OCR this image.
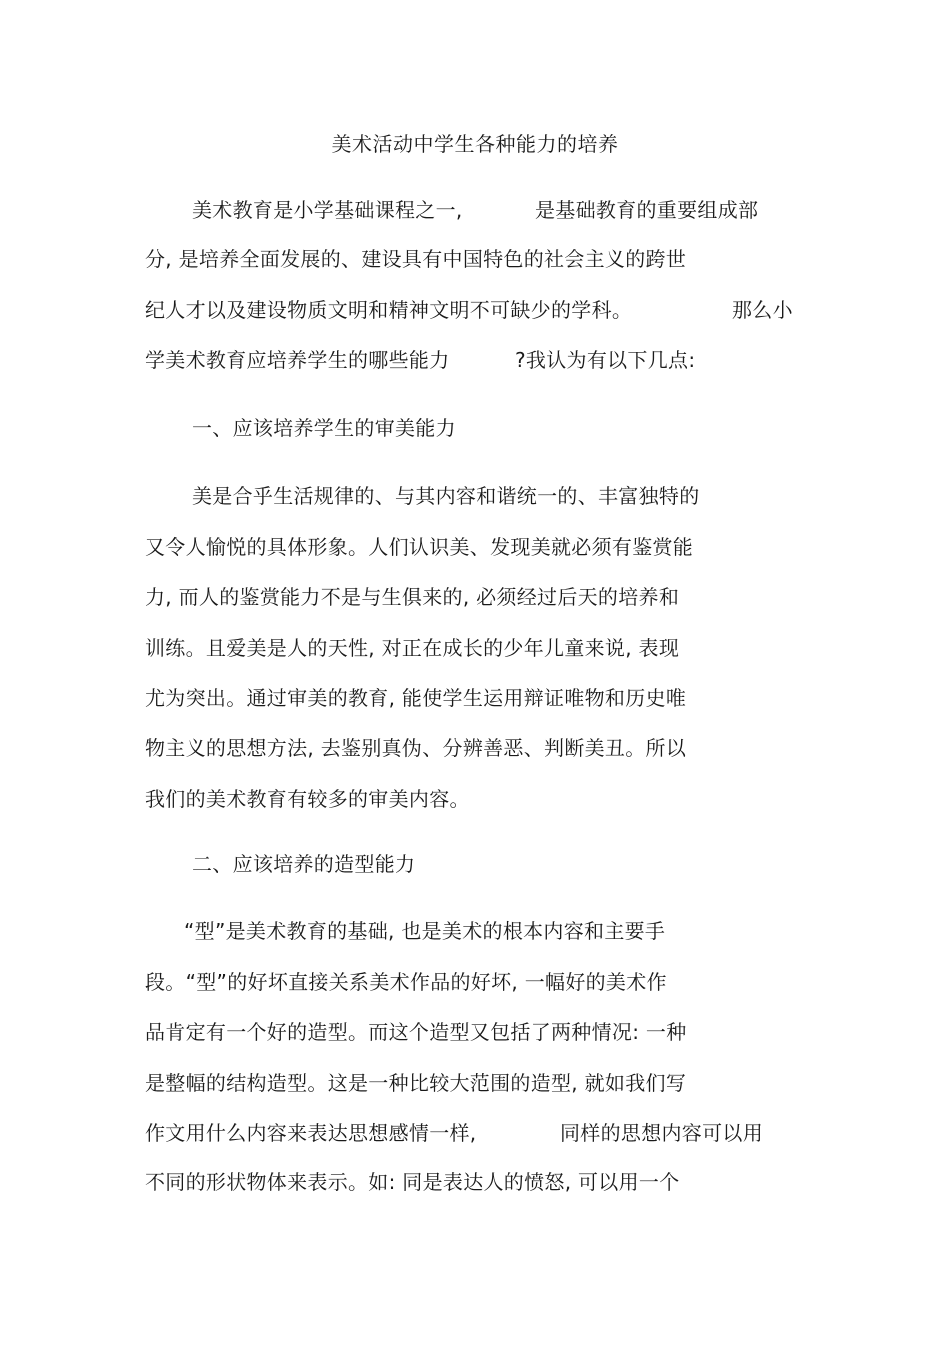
美术活动中学生各种能力的培养
美术教育是小学基础课程之一,	是基础教育的重要组成部
分, 是培养全面发展的、建设具有中国特色的社会主义的跨世
纪人才以及建设物质文明和精神文明不可缺少的学科。	那么小
学美术教育应培养学生的哪些能力	?我认为有以下几点:
一、应该培养学生的审美能力
美是合乎生活规律的、与其内容和谐统一的、丰富独特的
又令人愉悦的具体形象。人们认识美、发现美就必须有鉴赏能
力, 而人的鉴赏能力不是与生俱来的, 必须经过后天的培养和
训练。且爱美是人的天性, 对正在成长的少年儿童来说, 表现
尤为突出。通过审美的教育, 能使学生运用辩证唯物和历史唯
物主义的思想方法, 去鉴别真伪、分辨善恶、判断美丑。所以
我们的美术教育有较多的审美内容。
二、应该培养的造型能力
“型”是美术教育的基础, 也是美术的根本内容和主要手
段。“型”的好坏直接关系美术作品的好坏, 一幅好的美术作
品肯定有一个好的造型。而这个造型又包括了两种情况: 一种
是整幅的结构造型。这是一种比较大范围的造型, 就如我们写
作文用什么内容来表达思想感情一样,	同样的思想内容可以用
不同的形状物体来表示。如: 同是表达人的愤怒, 可以用一个
